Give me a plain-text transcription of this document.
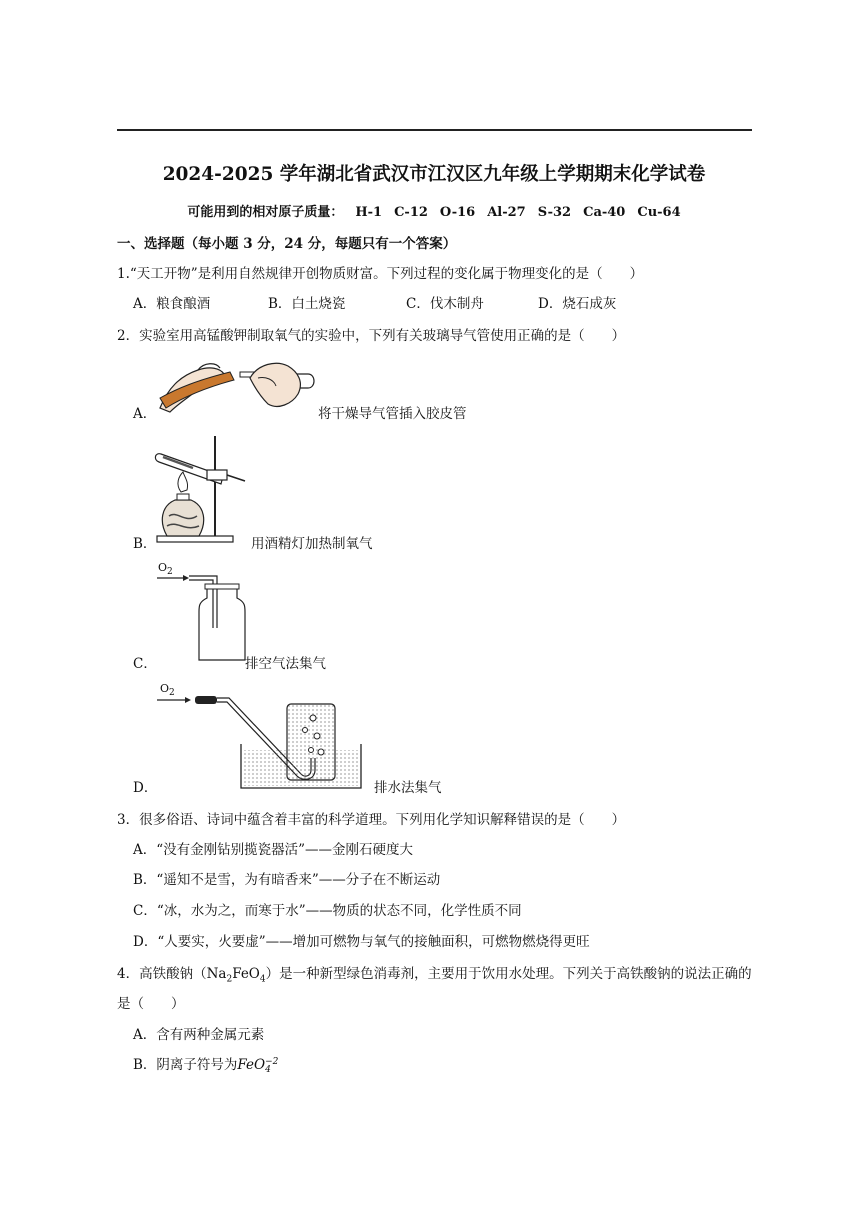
2024-2025 学年湖北省武汉市江汉区九年级上学期期末化学试卷
可能用到的相对原子质量： H-1 C-12 O-16 Al-27 S-32 Ca-40 Cu-64
一、选择题（每小题 3 分，24 分，每题只有一个答案）
1.“天工开物”是利用自然规律开创物质财富。下列过程的变化属于物理变化的是（　　）
A．粮食酿酒	B．白土烧瓷	C．伐木制舟	D．烧石成灰
2．实验室用高锰酸钾制取氧气的实验中，下列有关玻璃导气管使用正确的是（　　）
A．	将干燥导气管插入胶皮管
B．	用酒精灯加热制氧气
C．
$O_2$
排空气法集气
D．
$O_2$
排水法集气
3．很多俗语、诗词中蕴含着丰富的科学道理。下列用化学知识解释错误的是（　　）
A．“没有金刚钻别揽瓷器活”——金刚石硬度大
B．“遥知不是雪，为有暗香来”——分子在不断运动
C．“冰，水为之，而寒于水”——物质的状态不同，化学性质不同
D．“人要实，火要虚”——增加可燃物与氧气的接触面积，可燃物燃烧得更旺
4．高铁酸钠$(Na_2FeO_4)$是一种新型绿色消毒剂，主要用于饮用水处理。下列关于高铁酸钠的说法正确的
是（　　）
A．含有两种金属元素
B．阴离子符号为FeO −2
4
